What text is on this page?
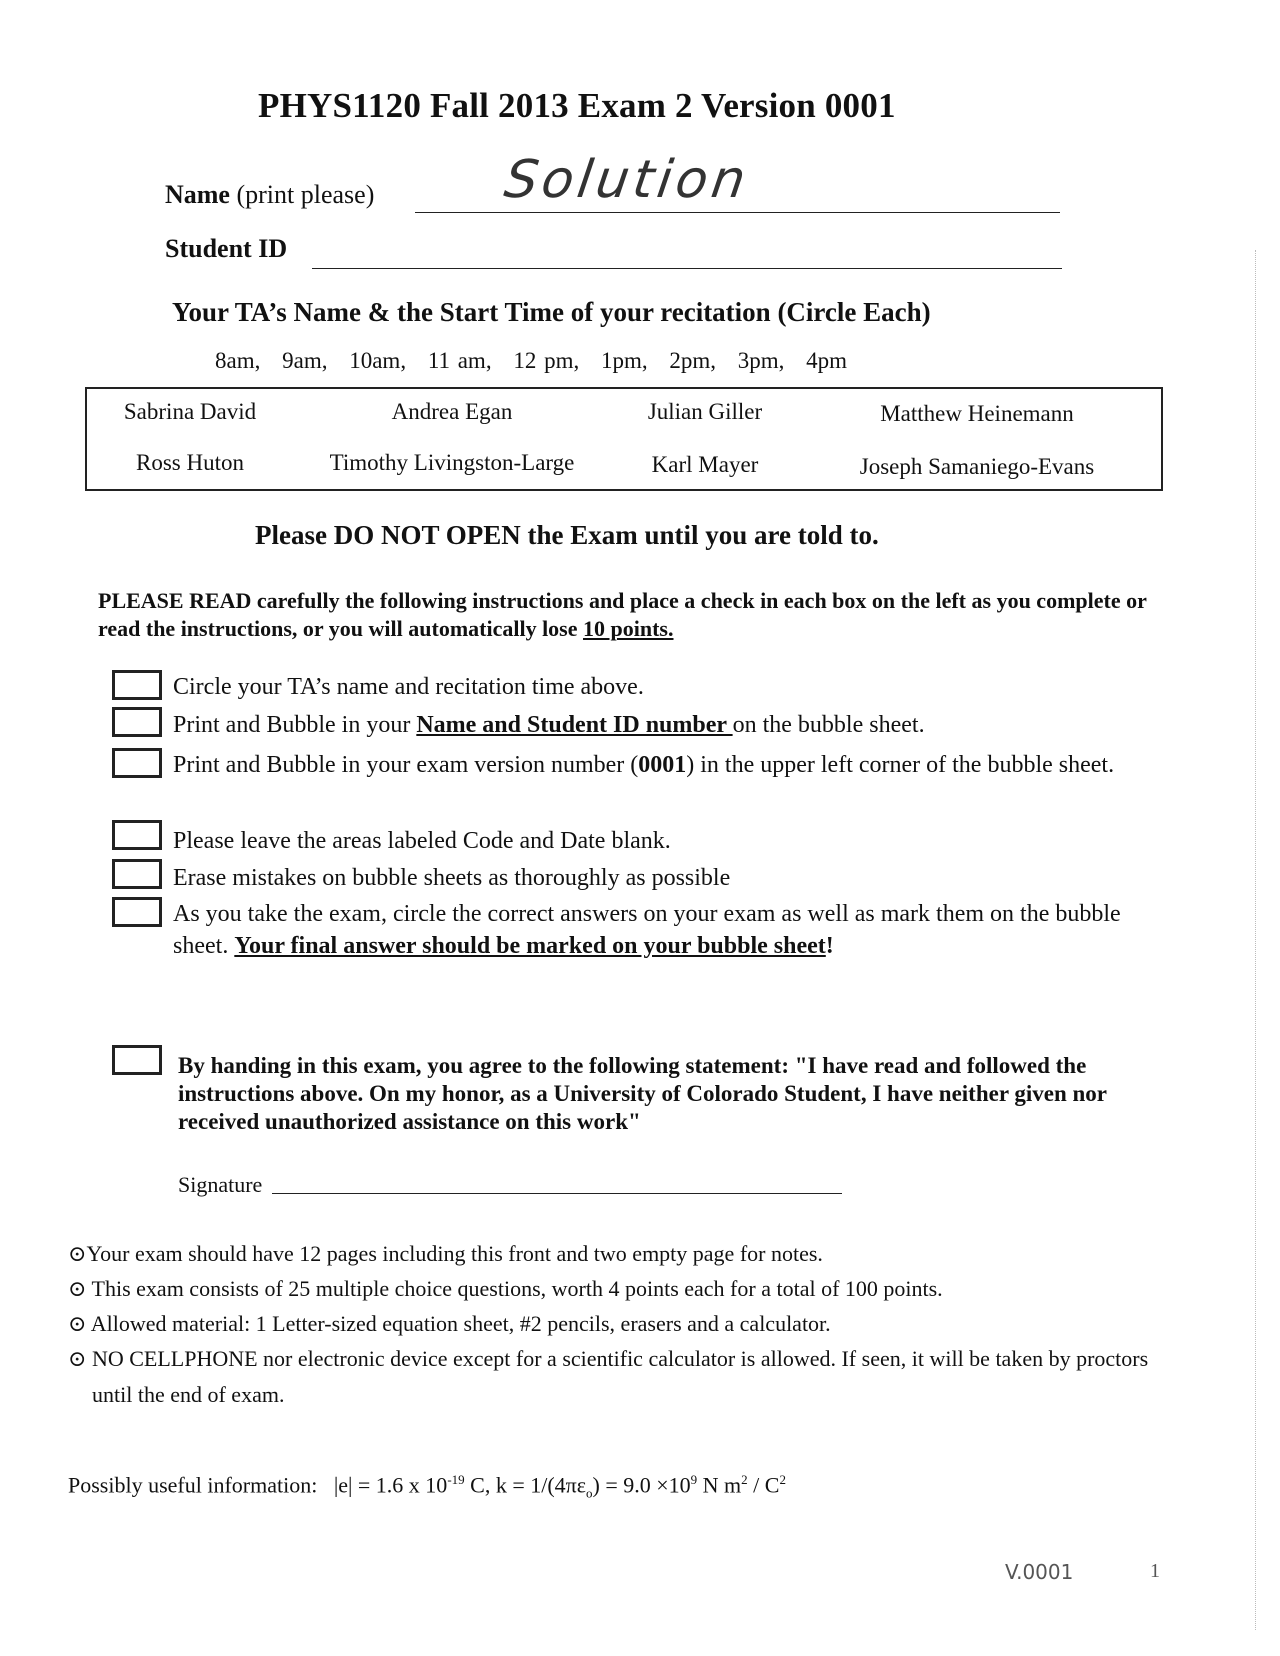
PHYS1120 Fall 2013 Exam 2 Version 0001
Name (print please) Solution
Student ID
Your TA’s Name & the Start Time of your recitation (Circle Each)
8am, 9am, 10am, 11 am, 12 pm, 1pm, 2pm, 3pm, 4pm
Sabrina David	Andrea Egan	Julian Giller	Matthew Heinemann
Ross Huton	Timothy Livingston-Large	Karl Mayer	Joseph Samaniego-Evans
Please DO NOT OPEN the Exam until you are told to.
PLEASE READ carefully the following instructions and place a check in each box on the left as you complete or read the instructions, or you will automatically lose 10 points.
Circle your TA’s name and recitation time above.
Print and Bubble in your Name and Student ID number on the bubble sheet.
Print and Bubble in your exam version number (0001) in the upper left corner of the bubble sheet.
Please leave the areas labeled Code and Date blank.
Erase mistakes on bubble sheets as thoroughly as possible
As you take the exam, circle the correct answers on your exam as well as mark them on the bubble sheet. Your final answer should be marked on your bubble sheet!
By handing in this exam, you agree to the following statement: "I have read and followed the instructions above. On my honor, as a University of Colorado Student, I have neither given nor received unauthorized assistance on this work"
Signature
⊙Your exam should have 12 pages including this front and two empty page for notes.
⊙ This exam consists of 25 multiple choice questions, worth 4 points each for a total of 100 points.
⊙ Allowed material: 1 Letter-sized equation sheet, #2 pencils, erasers and a calculator.
⊙ NO CELLPHONE nor electronic device except for a scientific calculator is allowed. If seen, it will be taken by proctors until the end of exam.
Possibly useful information: |e| = 1.6 x $10^{-19}$ C, $k = 1/(4\pi\varepsilon_o) = 9.0 \times 10^9$ N $m^2 / C^2$
V.0001	1
